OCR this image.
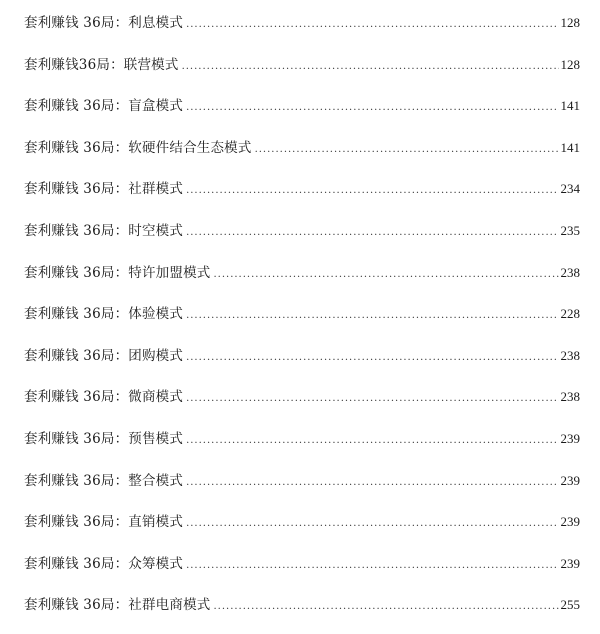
套利赚钱 36局：利息模式 .....	128
套利赚钱36局：联营模式 .....	128
套利赚钱 36局：盲盒模式 .....	141
套利赚钱 36局：软硬件结合生态模式 .....	141
套利赚钱 36局：社群模式 .....	234
套利赚钱 36局：时空模式 .....	235
套利赚钱 36局：特许加盟模式 .....	238
套利赚钱 36局：体验模式 .....	228
套利赚钱 36局：团购模式 .....	238
套利赚钱 36局：微商模式 .....	238
套利赚钱 36局：预售模式 .....	239
套利赚钱 36局：整合模式 .....	239
套利赚钱 36局：直销模式 .....	239
套利赚钱 36局：众筹模式 .....	239
套利赚钱 36局：社群电商模式 .....	255
